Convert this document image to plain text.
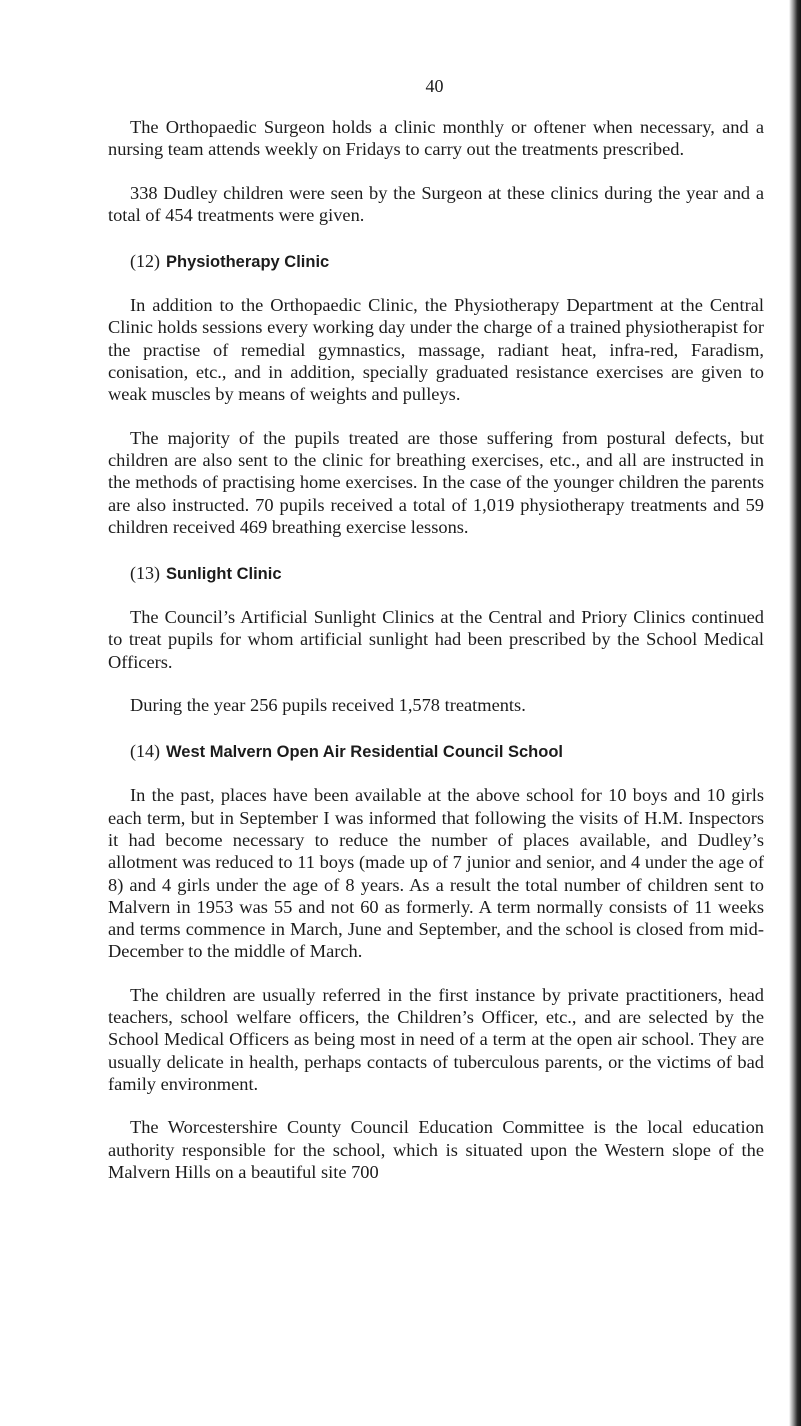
40

The Orthopaedic Surgeon holds a clinic monthly or oftener when necessary, and a nursing team attends weekly on Fridays to carry out the treatments prescribed.

338 Dudley children were seen by the Surgeon at these clinics during the year and a total of 454 treatments were given.

(12) Physiotherapy Clinic

In addition to the Orthopaedic Clinic, the Physiotherapy Department at the Central Clinic holds sessions every working day under the charge of a trained physiotherapist for the practise of remedial gymnastics, massage, radiant heat, infra-red, Faradism, conisation, etc., and in addition, specially graduated resistance exercises are given to weak muscles by means of weights and pulleys.

The majority of the pupils treated are those suffering from postural defects, but children are also sent to the clinic for breathing exercises, etc., and all are instructed in the methods of practising home exercises. In the case of the younger children the parents are also instructed. 70 pupils received a total of 1,019 physiotherapy treatments and 59 children received 469 breathing exercise lessons.

(13) Sunlight Clinic

The Council’s Artificial Sunlight Clinics at the Central and Priory Clinics continued to treat pupils for whom artificial sunlight had been prescribed by the School Medical Officers.

During the year 256 pupils received 1,578 treatments.

(14) West Malvern Open Air Residential Council School

In the past, places have been available at the above school for 10 boys and 10 girls each term, but in September I was informed that following the visits of H.M. Inspectors it had become necessary to reduce the number of places available, and Dudley’s allotment was reduced to 11 boys (made up of 7 junior and senior, and 4 under the age of 8) and 4 girls under the age of 8 years. As a result the total number of children sent to Malvern in 1953 was 55 and not 60 as formerly. A term normally consists of 11 weeks and terms commence in March, June and September, and the school is closed from mid-December to the middle of March.

The children are usually referred in the first instance by private practitioners, head teachers, school welfare officers, the Children’s Officer, etc., and are selected by the School Medical Officers as being most in need of a term at the open air school. They are usually delicate in health, perhaps contacts of tuberculous parents, or the victims of bad family environment.

The Worcestershire County Council Education Committee is the local education authority responsible for the school, which is situated upon the Western slope of the Malvern Hills on a beautiful site 700
